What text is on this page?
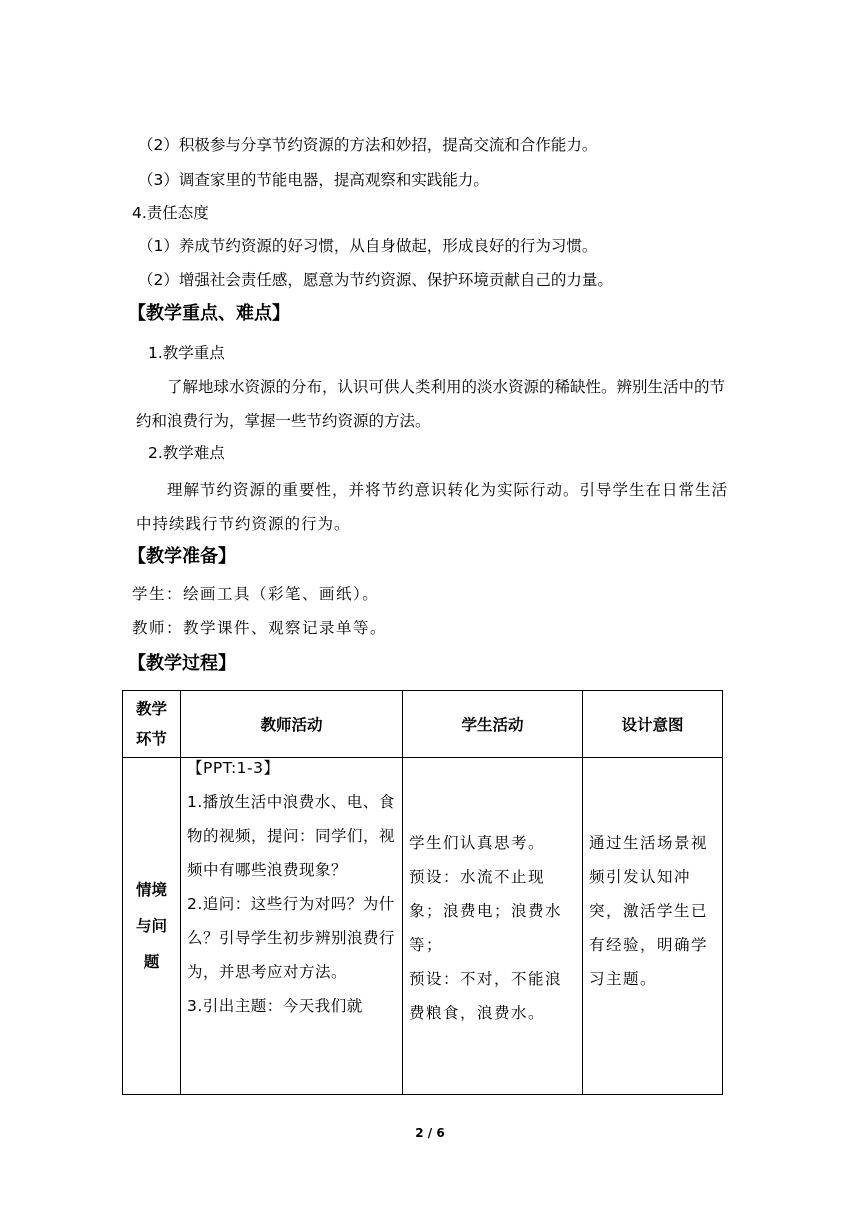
（2）积极参与分享节约资源的方法和妙招，提高交流和合作能力。
（3）调查家里的节能电器，提高观察和实践能力。
4.责任态度
（1）养成节约资源的好习惯，从自身做起，形成良好的行为习惯。
（2）增强社会责任感，愿意为节约资源、保护环境贡献自己的力量。
【教学重点、难点】
1.教学重点
了解地球水资源的分布，认识可供人类利用的淡水资源的稀缺性。辨别生活中的节约和浪费行为，掌握一些节约资源的方法。
2.教学难点
理解节约资源的重要性，并将节约意识转化为实际行动。引导学生在日常生活中持续践行节约资源的行为。
【教学准备】
学生：绘画工具（彩笔、画纸）。
教师：教学课件、观察记录单等。
【教学过程】
教学环节	教师活动	学生活动	设计意图

情境与问题	【PPT:1-3】
1.播放生活中浪费水、电、食物的视频，提问：同学们，视频中有哪些浪费现象？
2.追问：这些行为对吗？为什么？引导学生初步辨别浪费行为，并思考应对方法。
3.引出主题：今天我们就	学生们认真思考。
预设：水流不止现象；浪费电；浪费水等；
预设：不对，不能浪费粮食，浪费水。	通过生活场景视频引发认知冲突，激活学生已有经验，明确学习主题。
2 / 6
